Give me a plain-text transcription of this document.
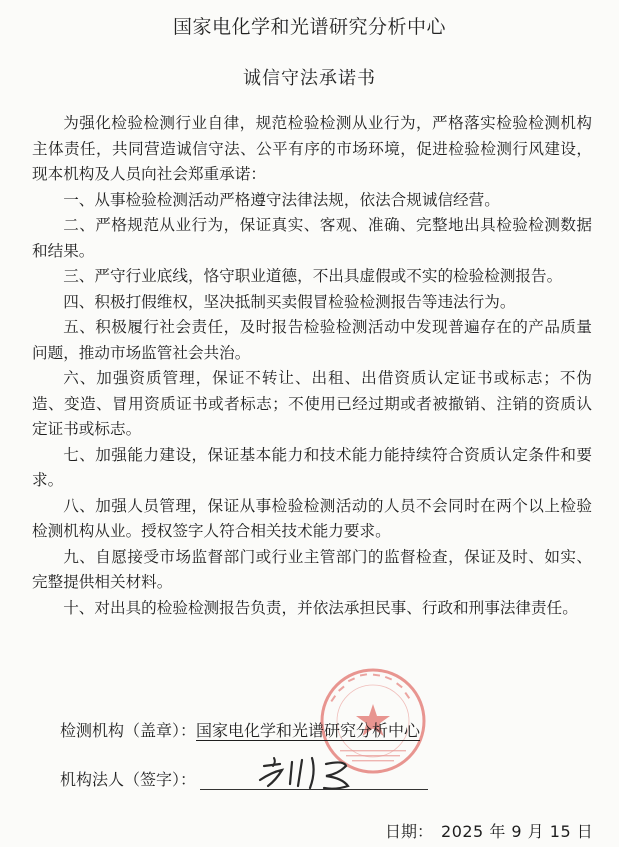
国家电化学和光谱研究分析中心
诚信守法承诺书

为强化检验检测行业自律，规范检验检测从业行为，严格落实检验检测机构主体责任，共同营造诚信守法、公平有序的市场环境，促进检验检测行风建设，现本机构及人员向社会郑重承诺：

一、从事检验检测活动严格遵守法律法规，依法合规诚信经营。

二、严格规范从业行为，保证真实、客观、准确、完整地出具检验检测数据和结果。

三、严守行业底线，恪守职业道德，不出具虚假或不实的检验检测报告。

四、积极打假维权，坚决抵制买卖假冒检验检测报告等违法行为。

五、积极履行社会责任，及时报告检验检测活动中发现普遍存在的产品质量问题，推动市场监管社会共治。

六、加强资质管理，保证不转让、出租、出借资质认定证书或标志；不伪造、变造、冒用资质证书或者标志；不使用已经过期或者被撤销、注销的资质认定证书或标志。

七、加强能力建设，保证基本能力和技术能力能持续符合资质认定条件和要求。

八、加强人员管理，保证从事检验检测活动的人员不会同时在两个以上检验检测机构从业。授权签字人符合相关技术能力要求。

九、自愿接受市场监督部门或行业主管部门的监督检查，保证及时、如实、完整提供相关材料。

十、对出具的检验检测报告负责，并依法承担民事、行政和刑事法律责任。

检测机构（盖章）：国家电化学和光谱研究分析中心
机构法人（签字）：
日期： 2025 年 9 月 15 日
